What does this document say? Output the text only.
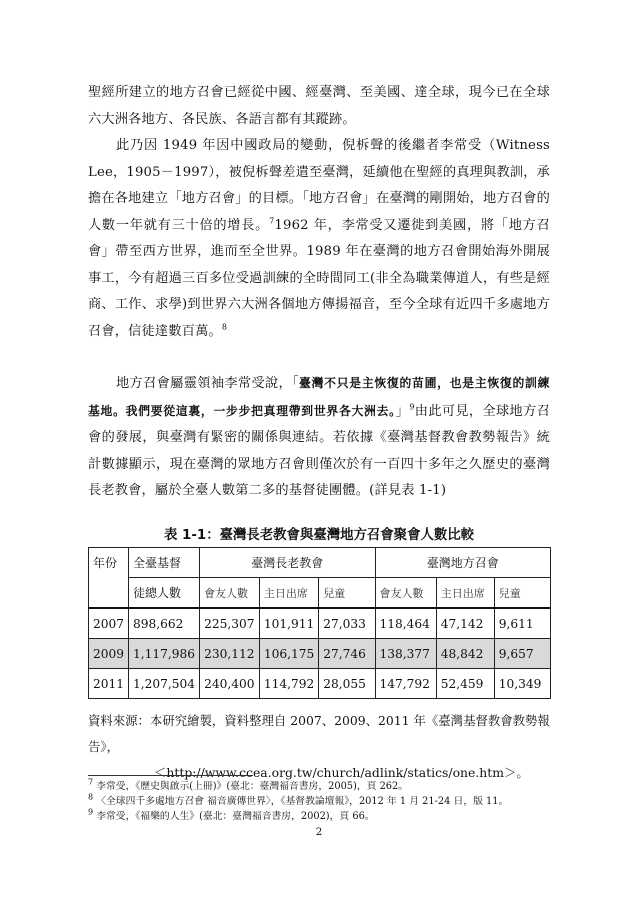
聖經所建立的地方召會已經從中國、經臺灣、至美國、達全球，現今已在全球六大洲各地方、各民族、各語言都有其蹤跡。

此乃因 1949 年因中國政局的變動，倪柝聲的後繼者李常受（Witness Lee，1905－1997），被倪柝聲差遣至臺灣，延續他在聖經的真理與教訓，承擔在各地建立「地方召會」的目標。「地方召會」在臺灣的剛開始，地方召會的人數一年就有三十倍的增長。$^7$1962 年，李常受又遷徙到美國，將「地方召會」帶至西方世界，進而至全世界。1989 年在臺灣的地方召會開始海外開展事工，今有超過三百多位受過訓練的全時間同工(非全為職業傳道人，有些是經商、工作、求學)到世界六大洲各個地方傳揚福音，至今全球有近四千多處地方召會，信徒達數百萬。$^8$

地方召會屬靈領袖李常受說，「臺灣不只是主恢復的苗圃，也是主恢復的訓練基地。我們要從這裏，一步步把真理帶到世界各大洲去。」$^9$由此可見，全球地方召會的發展，與臺灣有緊密的關係與連結。若依據《臺灣基督教會教勢報告》統計數據顯示，現在臺灣的眾地方召會則僅次於有一百四十多年之久歷史的臺灣長老教會，屬於全臺人數第二多的基督徒團體。(詳見表 1-1)

表 1-1：臺灣長老教會與臺灣地方召會聚會人數比較
年份	全臺基督	臺灣長老教會			臺灣地方召會		
	徒總人數	會友人數	主日出席	兒童	會友人數	主日出席	兒童
2007	898,662	225,307	101,911	27,033	118,464	47,142	9,611
2009	1,117,986	230,112	106,175	27,746	138,377	48,842	9,657
2011	1,207,504	240,400	114,792	28,055	147,792	52,459	10,349
資料來源：本研究繪製，資料整理自 2007、2009、2011 年《臺灣基督教會教勢報告》，
＜http://www.ccea.org.tw/church/adlink/statics/one.htm＞。
$^7$ 李常受，《歷史與啟示(上冊)》(臺北：臺灣福音書房，2005)，頁 262。
$^8$ 〈全球四千多處地方召會 福音廣傳世界〉，《基督教論壇報》，2012 年 1 月 21-24 日，版 11。
$^9$ 李常受，《福樂的人生》(臺北：臺灣福音書房，2002)，頁 66。
2
